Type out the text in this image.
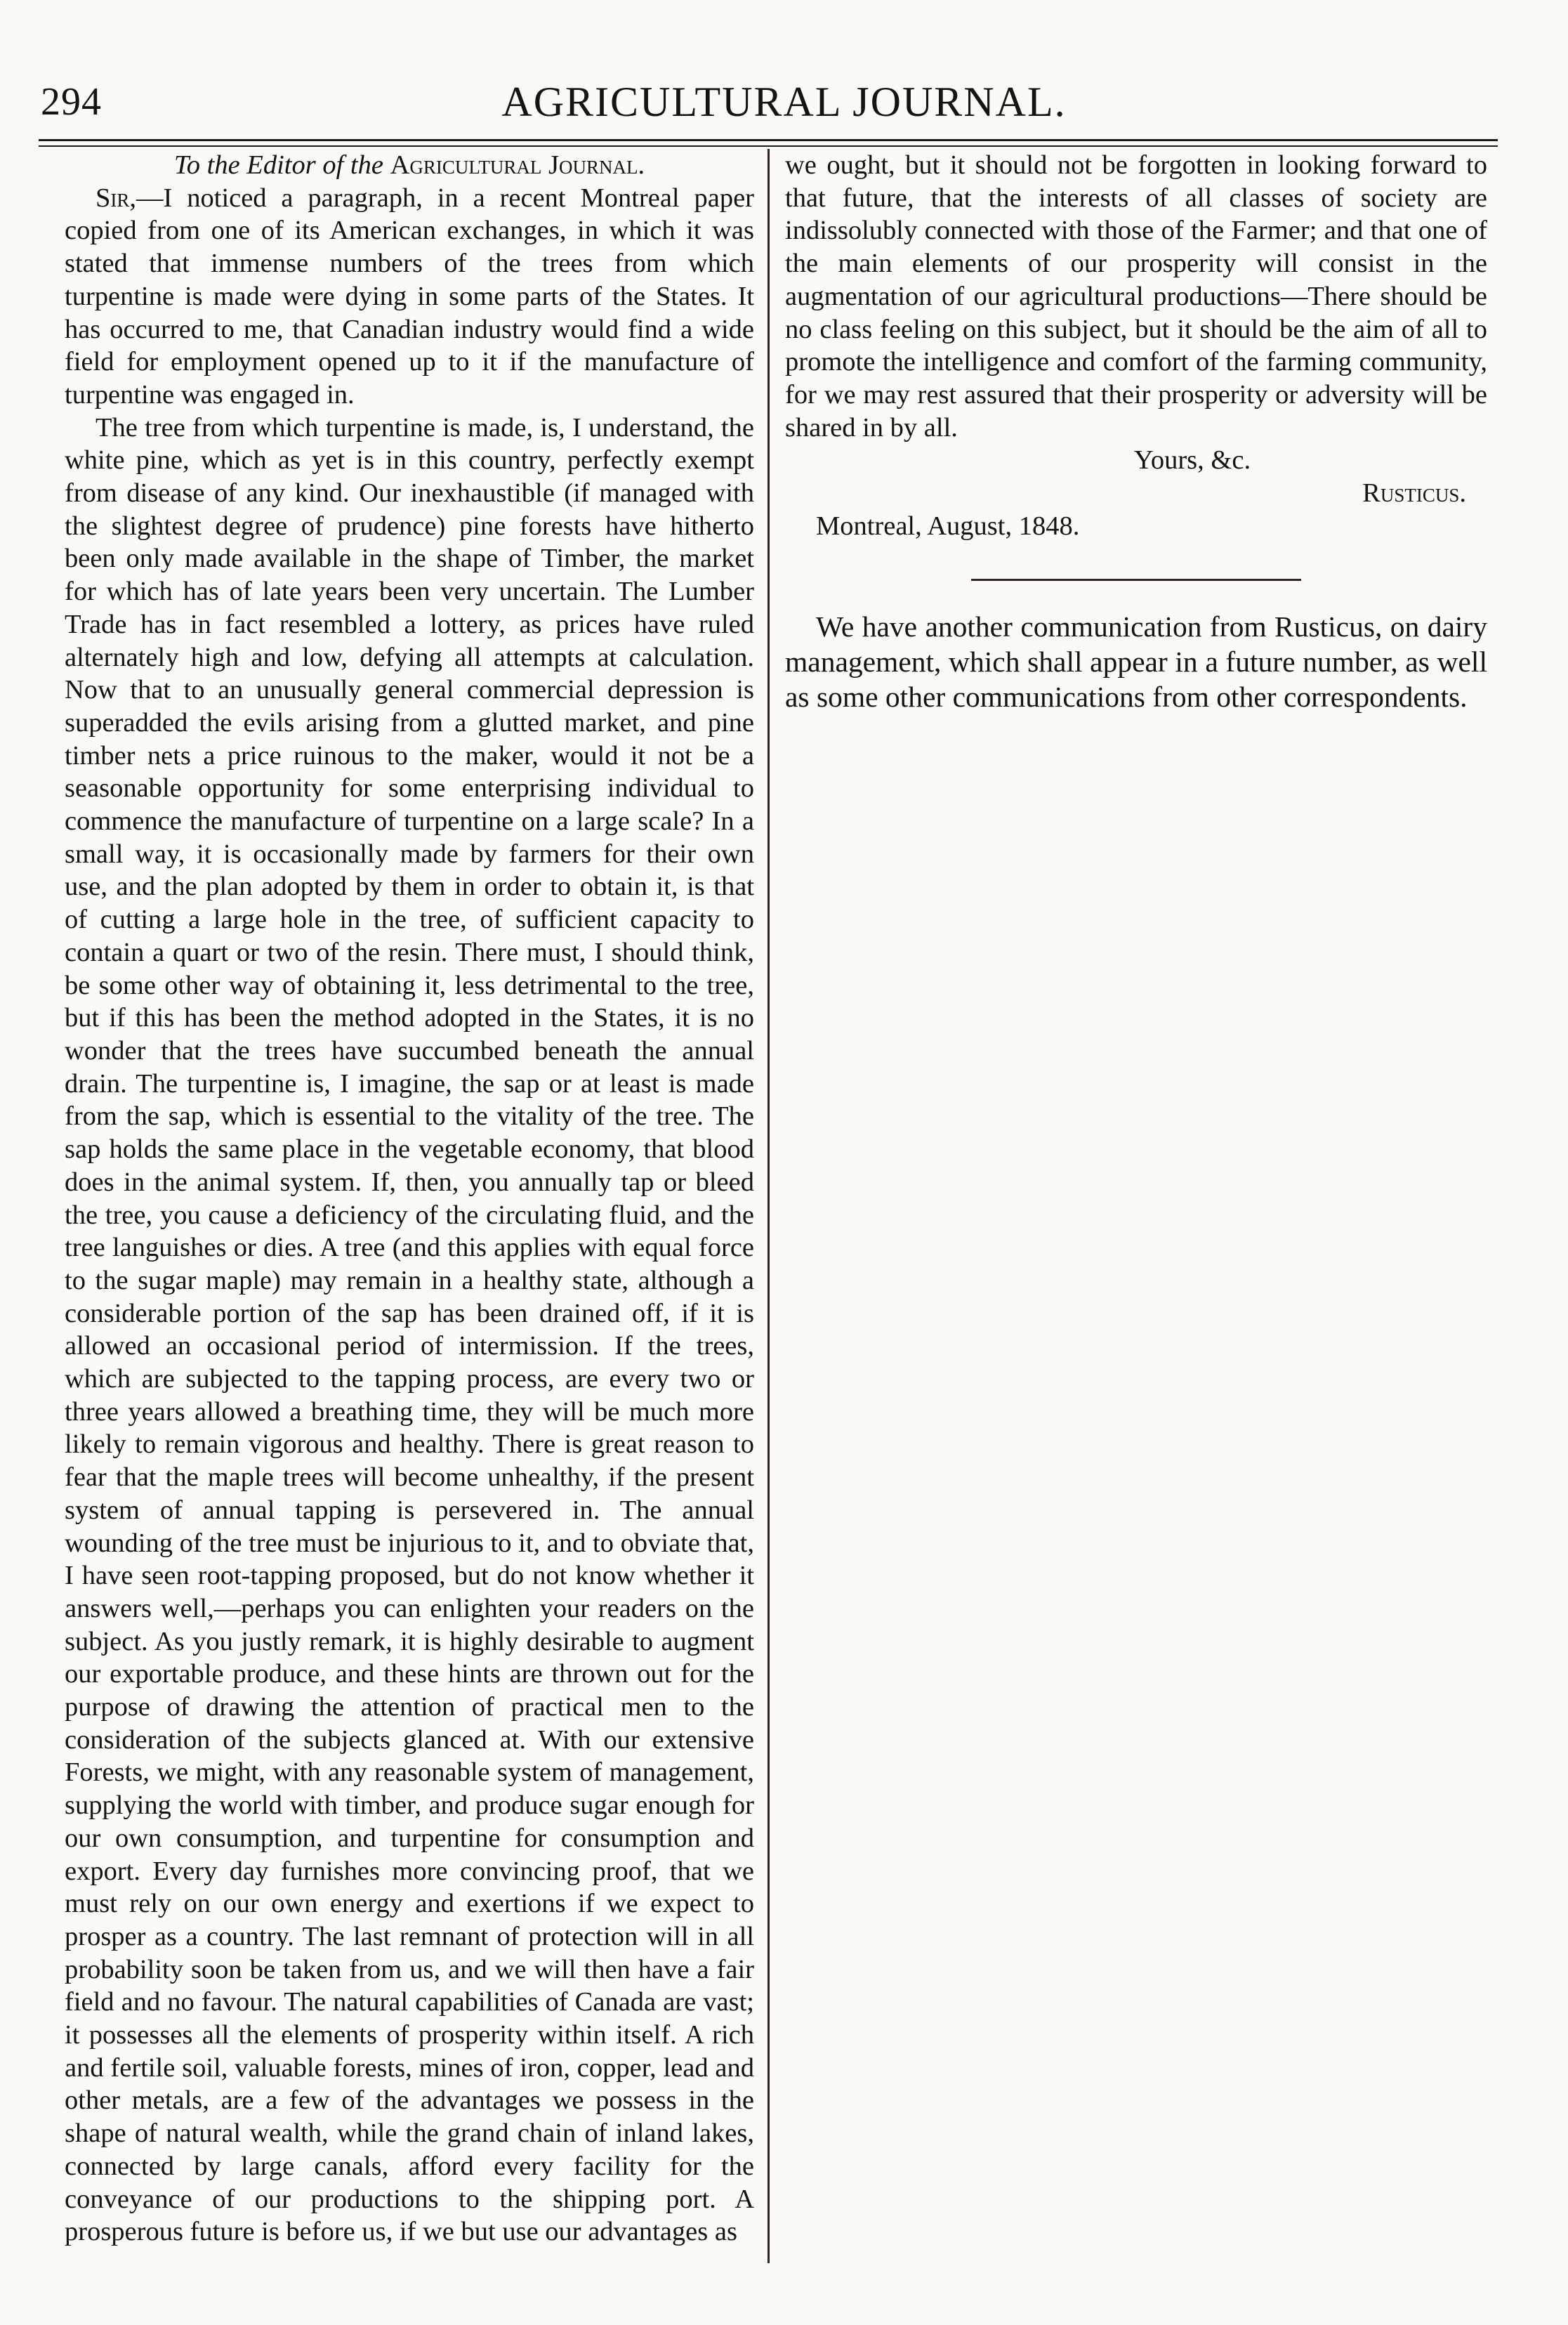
294	AGRICULTURAL JOURNAL.

To the Editor of the Agricultural Journal.

Sir,—I noticed a paragraph, in a recent Montreal paper copied from one of its American exchanges, in which it was stated that immense numbers of the trees from which turpentine is made were dying in some parts of the States. It has occurred to me, that Canadian industry would find a wide field for employment opened up to it if the manufacture of turpentine was engaged in.

The tree from which turpentine is made, is, I understand, the white pine, which as yet is in this country, perfectly exempt from disease of any kind. Our inexhaustible (if managed with the slightest degree of prudence) pine forests have hitherto been only made available in the shape of Timber, the market for which has of late years been very uncertain. The Lumber Trade has in fact resembled a lottery, as prices have ruled alternately high and low, defying all attempts at calculation. Now that to an unusually general commercial depression is superadded the evils arising from a glutted market, and pine timber nets a price ruinous to the maker, would it not be a seasonable opportunity for some enterprising individual to commence the manufacture of turpentine on a large scale? In a small way, it is occasionally made by farmers for their own use, and the plan adopted by them in order to obtain it, is that of cutting a large hole in the tree, of sufficient capacity to contain a quart or two of the resin. There must, I should think, be some other way of obtaining it, less detrimental to the tree, but if this has been the method adopted in the States, it is no wonder that the trees have succumbed beneath the annual drain. The turpentine is, I imagine, the sap or at least is made from the sap, which is essential to the vitality of the tree. The sap holds the same place in the vegetable economy, that blood does in the animal system. If, then, you annually tap or bleed the tree, you cause a deficiency of the circulating fluid, and the tree languishes or dies. A tree (and this applies with equal force to the sugar maple) may remain in a healthy state, although a considerable portion of the sap has been drained off, if it is allowed an occasional period of intermission. If the trees, which are subjected to the tapping process, are every two or three years allowed a breathing time, they will be much more likely to remain vigorous and healthy. There is great reason to fear that the maple trees will become unhealthy, if the present system of annual tapping is persevered in. The annual wounding of the tree must be injurious to it, and to obviate that, I have seen root-tapping proposed, but do not know whether it answers well,—perhaps you can enlighten your readers on the subject. As you justly remark, it is highly desirable to augment our exportable produce, and these hints are thrown out for the purpose of drawing the attention of practical men to the consideration of the subjects glanced at. With our extensive Forests, we might, with any reasonable system of management, supplying the world with timber, and produce sugar enough for our own consumption, and turpentine for consumption and export. Every day furnishes more convincing proof, that we must rely on our own energy and exertions if we expect to prosper as a country. The last remnant of protection will in all probability soon be taken from us, and we will then have a fair field and no favour. The natural capabilities of Canada are vast; it possesses all the elements of prosperity within itself. A rich and fertile soil, valuable forests, mines of iron, copper, lead and other metals, are a few of the advantages we possess in the shape of natural wealth, while the grand chain of inland lakes, connected by large canals, afford every facility for the conveyance of our productions to the shipping port. A prosperous future is before us, if we but use our advantages as

we ought, but it should not be forgotten in looking forward to that future, that the interests of all classes of society are indissolubly connected with those of the Farmer; and that one of the main elements of our prosperity will consist in the augmentation of our agricultural productions—There should be no class feeling on this subject, but it should be the aim of all to promote the intelligence and comfort of the farming community, for we may rest assured that their prosperity or adversity will be shared in by all.

Yours, &c.

Rusticus.

Montreal, August, 1848.

We have another communication from Rusticus, on dairy management, which shall appear in a future number, as well as some other communications from other correspondents.
